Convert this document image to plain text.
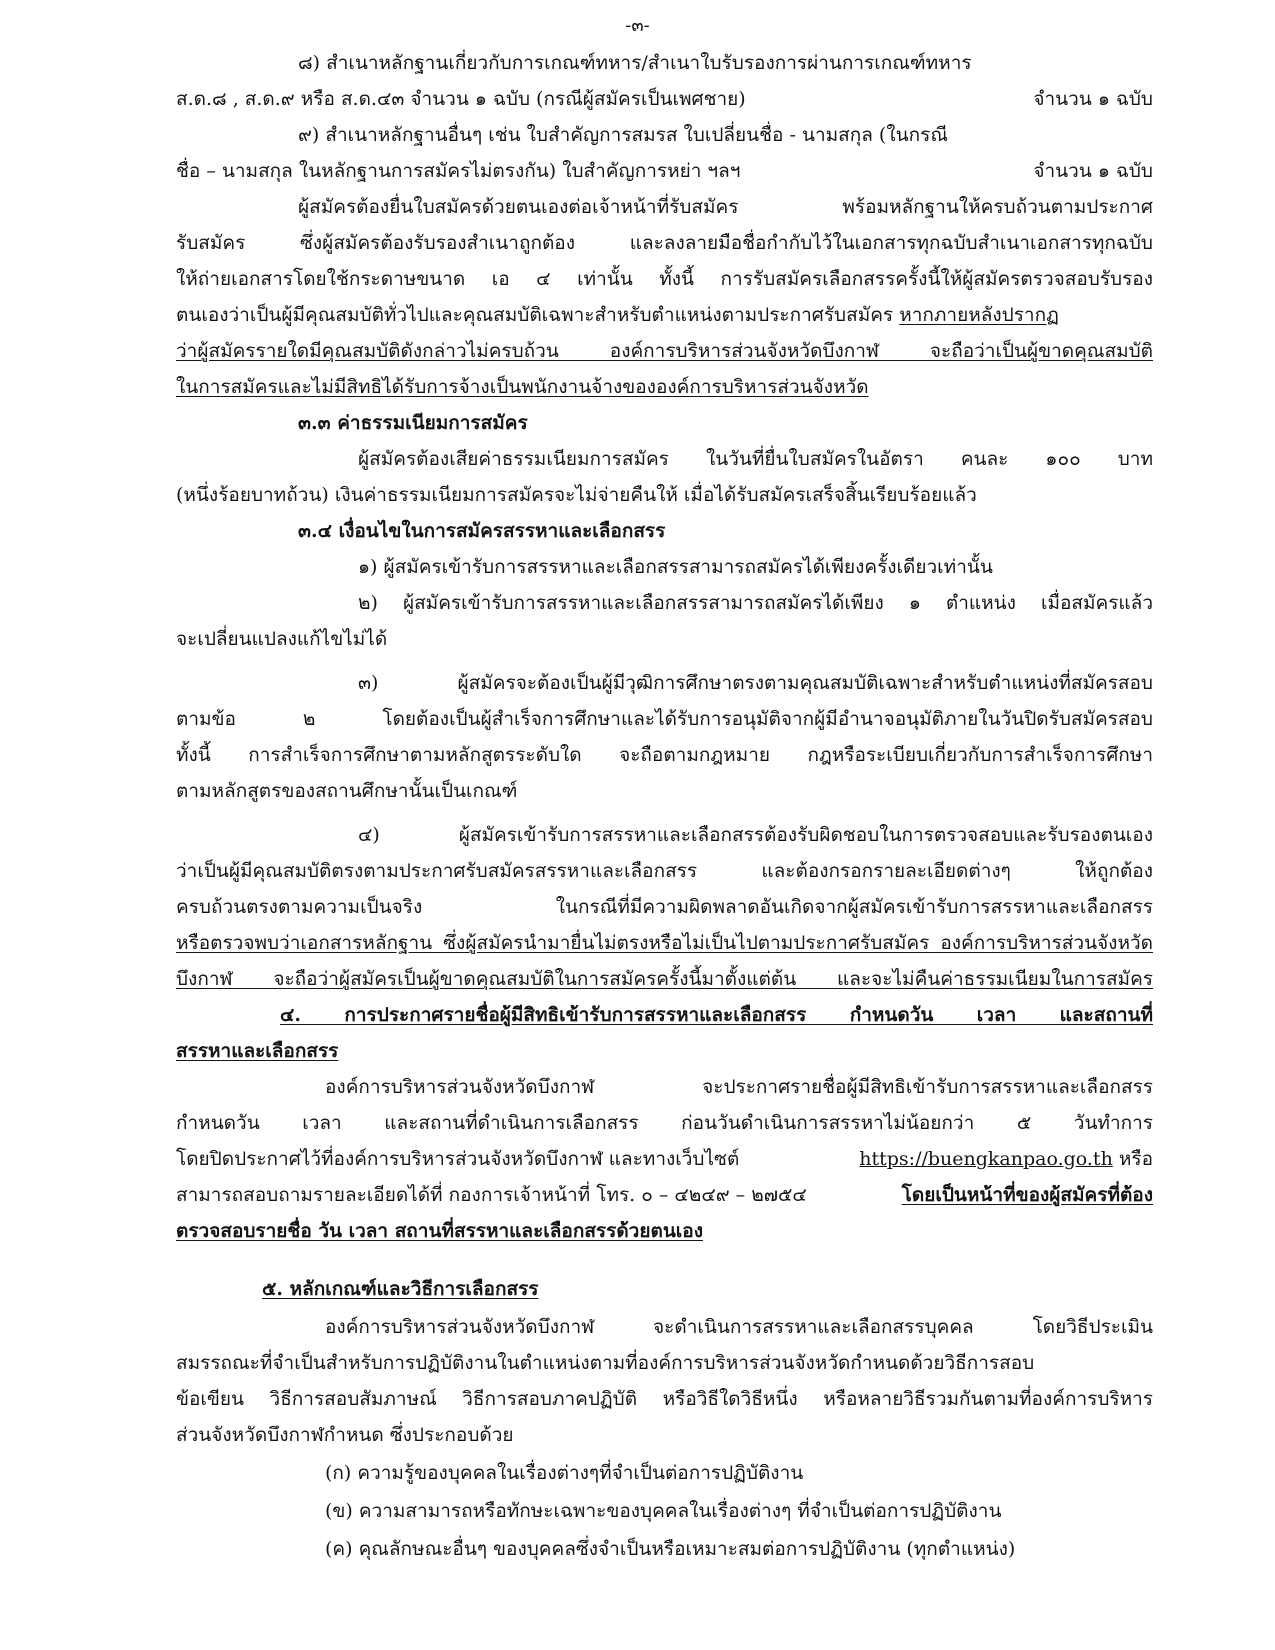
-๓-
๘) สำเนาหลักฐานเกี่ยวกับการเกณฑ์ทหาร/สำเนาใบรับรองการผ่านการเกณฑ์ทหาร
ส.ด.๘ , ส.ด.๙ หรือ ส.ด.๔๓ จำนวน ๑ ฉบับ (กรณีผู้สมัครเป็นเพศชาย)	จำนวน ๑ ฉบับ
๙) สำเนาหลักฐานอื่นๆ เช่น ใบสำคัญการสมรส ใบเปลี่ยนชื่อ - นามสกุล (ในกรณี
ชื่อ – นามสกุล ในหลักฐานการสมัครไม่ตรงกัน) ใบสำคัญการหย่า ฯลฯ	จำนวน ๑ ฉบับ
ผู้สมัครต้องยื่นใบสมัครด้วยตนเองต่อเจ้าหน้าที่รับสมัคร พร้อมหลักฐานให้ครบถ้วนตามประกาศ
รับสมัคร ซึ่งผู้สมัครต้องรับรองสำเนาถูกต้อง และลงลายมือชื่อกำกับไว้ในเอกสารทุกฉบับสำเนาเอกสารทุกฉบับ
ให้ถ่ายเอกสารโดยใช้กระดาษขนาด เอ ๔ เท่านั้น ทั้งนี้ การรับสมัครเลือกสรรครั้งนี้ให้ผู้สมัครตรวจสอบรับรอง
ตนเองว่าเป็นผู้มีคุณสมบัติทั่วไปและคุณสมบัติเฉพาะสำหรับตำแหน่งตามประกาศรับสมัคร หากภายหลังปรากฏ
ว่าผู้สมัครรายใดมีคุณสมบัติดังกล่าวไม่ครบถ้วน องค์การบริหารส่วนจังหวัดบึงกาฬ จะถือว่าเป็นผู้ขาดคุณสมบัติ
ในการสมัครและไม่มีสิทธิได้รับการจ้างเป็นพนักงานจ้างขององค์การบริหารส่วนจังหวัด
๓.๓ ค่าธรรมเนียมการสมัคร
ผู้สมัครต้องเสียค่าธรรมเนียมการสมัคร ในวันที่ยื่นใบสมัครในอัตรา คนละ ๑๐๐ บาท
(หนึ่งร้อยบาทถ้วน) เงินค่าธรรมเนียมการสมัครจะไม่จ่ายคืนให้ เมื่อได้รับสมัครเสร็จสิ้นเรียบร้อยแล้ว
๓.๔ เงื่อนไขในการสมัครสรรหาและเลือกสรร
๑) ผู้สมัครเข้ารับการสรรหาและเลือกสรรสามารถสมัครได้เพียงครั้งเดียวเท่านั้น
๒) ผู้สมัครเข้ารับการสรรหาและเลือกสรรสามารถสมัครได้เพียง ๑ ตำแหน่ง เมื่อสมัครแล้ว
จะเปลี่ยนแปลงแก้ไขไม่ได้
๓) ผู้สมัครจะต้องเป็นผู้มีวุฒิการศึกษาตรงตามคุณสมบัติเฉพาะสำหรับตำแหน่งที่สมัครสอบ
ตามข้อ ๒ โดยต้องเป็นผู้สำเร็จการศึกษาและได้รับการอนุมัติจากผู้มีอำนาจอนุมัติภายในวันปิดรับสมัครสอบ
ทั้งนี้ การสำเร็จการศึกษาตามหลักสูตรระดับใด จะถือตามกฎหมาย กฎหรือระเบียบเกี่ยวกับการสำเร็จการศึกษา
ตามหลักสูตรของสถานศึกษานั้นเป็นเกณฑ์
๔) ผู้สมัครเข้ารับการสรรหาและเลือกสรรต้องรับผิดชอบในการตรวจสอบและรับรองตนเอง
ว่าเป็นผู้มีคุณสมบัติตรงตามประกาศรับสมัครสรรหาและเลือกสรร และต้องกรอกรายละเอียดต่างๆ ให้ถูกต้อง
ครบถ้วนตรงตามความเป็นจริง ในกรณีที่มีความผิดพลาดอันเกิดจากผู้สมัครเข้ารับการสรรหาและเลือกสรร
หรือตรวจพบว่าเอกสารหลักฐาน ซึ่งผู้สมัครนำมายื่นไม่ตรงหรือไม่เป็นไปตามประกาศรับสมัคร องค์การบริหารส่วนจังหวัด
บึงกาฬ จะถือว่าผู้สมัครเป็นผู้ขาดคุณสมบัติในการสมัครครั้งนี้มาตั้งแต่ต้น และจะไม่คืนค่าธรรมเนียมในการสมัคร
๔. การประกาศรายชื่อผู้มีสิทธิเข้ารับการสรรหาและเลือกสรร กำหนดวัน เวลา และสถานที่
สรรหาและเลือกสรร
องค์การบริหารส่วนจังหวัดบึงกาฬ จะประกาศรายชื่อผู้มีสิทธิเข้ารับการสรรหาและเลือกสรร
กำหนดวัน เวลา และสถานที่ดำเนินการเลือกสรร ก่อนวันดำเนินการสรรหาไม่น้อยกว่า ๕ วันทำการ
โดยปิดประกาศไว้ที่องค์การบริหารส่วนจังหวัดบึงกาฬ และทางเว็บไซต์	https://buengkanpao.go.th หรือ
สามารถสอบถามรายละเอียดได้ที่ กองการเจ้าหน้าที่ โทร. ๐ – ๔๒๔๙ – ๒๗๕๔	โดยเป็นหน้าที่ของผู้สมัครที่ต้อง
ตรวจสอบรายชื่อ วัน เวลา สถานที่สรรหาและเลือกสรรด้วยตนเอง
๕. หลักเกณฑ์และวิธีการเลือกสรร
องค์การบริหารส่วนจังหวัดบึงกาฬ จะดำเนินการสรรหาและเลือกสรรบุคคล โดยวิธีประเมิน
สมรรถณะที่จำเป็นสำหรับการปฏิบัติงานในตำแหน่งตามที่องค์การบริหารส่วนจังหวัดกำหนดด้วยวิธีการสอบ
ข้อเขียน วิธีการสอบสัมภาษณ์ วิธีการสอบภาคปฏิบัติ หรือวิธีใดวิธีหนึ่ง หรือหลายวิธีรวมกันตามที่องค์การบริหาร
ส่วนจังหวัดบึงกาฬกำหนด ซึ่งประกอบด้วย
(ก) ความรู้ของบุคคลในเรื่องต่างๆที่จำเป็นต่อการปฏิบัติงาน
(ข) ความสามารถหรือทักษะเฉพาะของบุคคลในเรื่องต่างๆ ที่จำเป็นต่อการปฏิบัติงาน
(ค) คุณลักษณะอื่นๆ ของบุคคลซึ่งจำเป็นหรือเหมาะสมต่อการปฏิบัติงาน (ทุกตำแหน่ง)
